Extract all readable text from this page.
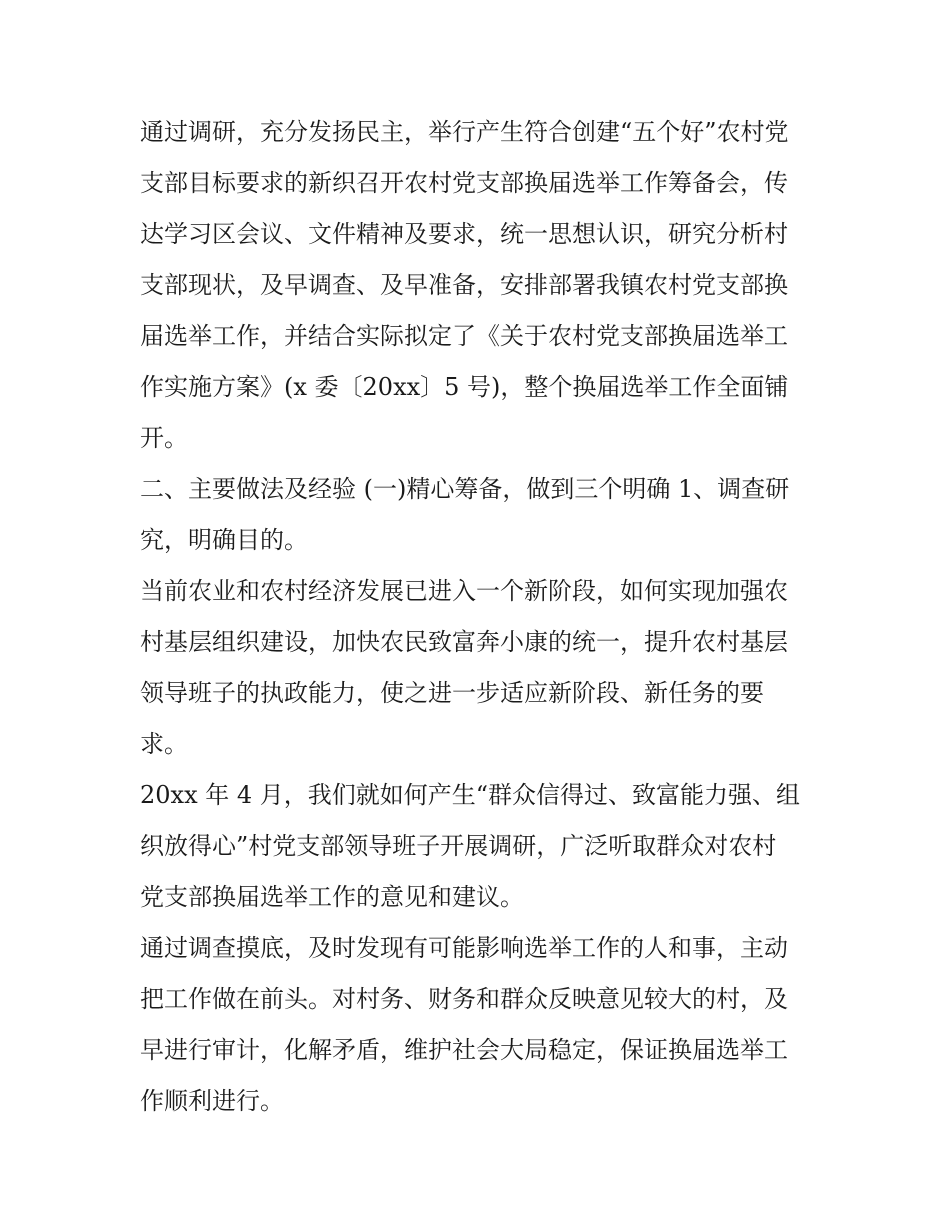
通过调研，充分发扬民主，举行产生符合创建“五个好”农村党
支部目标要求的新织召开农村党支部换届选举工作筹备会，传
达学习区会议、文件精神及要求，统一思想认识，研究分析村
支部现状，及早调查、及早准备，安排部署我镇农村党支部换
届选举工作，并结合实际拟定了《关于农村党支部换届选举工
作实施方案》(x 委〔20xx〕5 号)，整个换届选举工作全面铺
开。
二、主要做法及经验 (一)精心筹备，做到三个明确 1、调查研
究，明确目的。
当前农业和农村经济发展已进入一个新阶段，如何实现加强农
村基层组织建设，加快农民致富奔小康的统一，提升农村基层
领导班子的执政能力，使之进一步适应新阶段、新任务的要
求。
20xx 年 4 月，我们就如何产生“群众信得过、致富能力强、组
织放得心”村党支部领导班子开展调研，广泛听取群众对农村
党支部换届选举工作的意见和建议。
通过调查摸底，及时发现有可能影响选举工作的人和事，主动
把工作做在前头。对村务、财务和群众反映意见较大的村，及
早进行审计，化解矛盾，维护社会大局稳定，保证换届选举工
作顺利进行。
